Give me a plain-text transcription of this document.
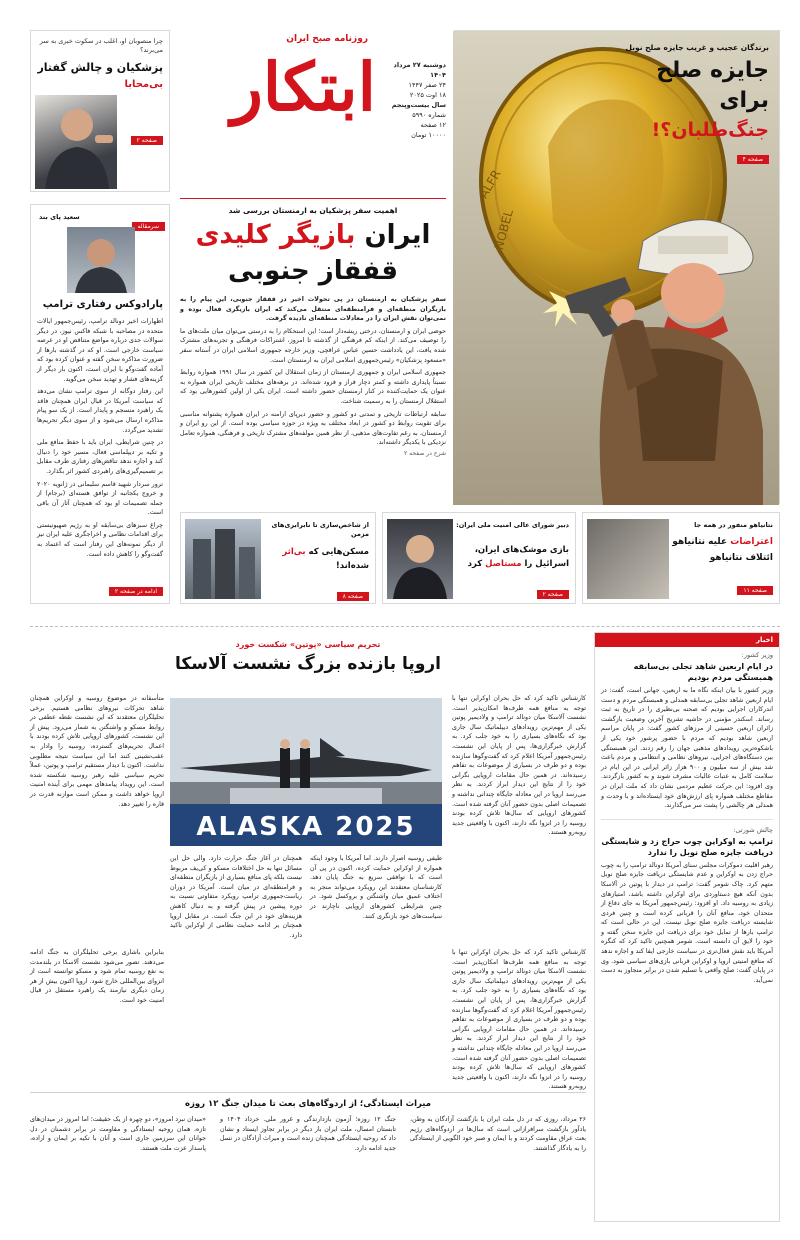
ALFR
NOBEL
برندگان عجیب و غریب جایزه صلح نوبل
جایزه صلح
برای
جنگ‌طلبان؟!
صفحه ۴
روزنامه صبح ایران
ابتکار	دوشنبه ۲۷ مرداد ۱۴۰۴
۲۴ صفر ۱۴۴۷
۱۸ اوت ۲۰۲۵
سال بیست‌وپنجم
شماره ۵۹۹۰
۱۲ صفحه
۱۰۰۰۰ تومان
چرا منصوبان او، اغلب در سکوت خبری به سر می‌برند؟
پزشکیان و چالش گفتار
بی‌محابا
صفحه ۲
اهمیت سفر پزشکیان به ارمنستان بررسی شد
ایران بازیگر کلیدی
قفقاز جنوبی

سفر پزشکیان به ارمنستان در پی تحولات اخیر در قفقاز جنوبی، این پیام را به بازیگران منطقه‌ای و فرامنطقه‌ای منتقل می‌کند که ایران بازیگری فعال بوده و نمی‌توان نقش ایران را در معادلات منطقه‌ای نادیده گرفت.

حوضی ایران و ارمنستان، درختی ریشه‌دار است؛ این استحکام را به درستی می‌توان میان ملت‌های ما را توصیف می‌کند. از اینکه کم فرهنگی از گذشته تا امروز، اشتراکات فرهنگی و تجربه‌های مشترک شده یافت، این یادداشت حسین عباس عراقچی، وزیر خارجه جمهوری اسلامی ایران در آستانه سفر «مسعود پزشکیان» رئیس‌جمهوری اسلامی ایران به ارمنستان است.

جمهوری اسلامی ایران و جمهوری ارمنستان از زمان استقلال این کشور در سال ۱۹۹۱ همواره روابط نسبتاً پایداری داشته و کمتر دچار فراز و فرود شده‌اند. در برهه‌های مختلف تاریخی ایران همواره به عنوان یک حمایت‌کننده در کنار ارمنستان حضور داشته است. ایران یکی از اولین کشورهایی بود که استقلال ارمنستان را به رسمیت شناخت.

سابقه ارتباطات تاریخی و تمدنی دو کشور و حضور دیرپای ارامنه در ایران همواره پشتوانه مناسبی برای تقویت روابط دو کشور در ابعاد مختلف به ویژه در حوزه سیاسی بوده است. از این رو ایران و ارمنستان، به رغم تفاوت‌های مذهبی، از نظر همین مولفه‌های مشترک تاریخی و فرهنگی، همواره تعامل نزدیکی با یکدیگر داشته‌اند.

شرح در صفحه ۲
سرمقاله
سعید پای بند
پارادوکس رفتاری ترامپ

اظهارات اخیر دونالد ترامپ، رئیس‌جمهور ایالات متحده در مصاحبه با شبکه فاکس نیوز، در دیگر سوالات جدی درباره مواضع متناقض او در عرصه سیاست خارجی است. او که در گذشته بارها از ضرورت مذاکره سخن گفته و عنوان کرده بود که آماده گفت‌وگو با ایران است، اکنون بار دیگر از گزینه‌های فشار و تهدید سخن می‌گوید.

این رفتار دوگانه از سوی ترامپ نشان می‌دهد که سیاست آمریکا در قبال ایران همچنان فاقد یک راهبرد منسجم و پایدار است. از یک سو پیام مذاکره ارسال می‌شود و از سوی دیگر تحریم‌ها تشدید می‌گردد.

در چنین شرایطی، ایران باید با حفظ منافع ملی و تکیه بر دیپلماسی فعال، مسیر خود را دنبال کند و اجازه ندهد تناقض‌های رفتاری طرف مقابل بر تصمیم‌گیری‌های راهبردی کشور اثر بگذارد.

ترور سردار شهید قاسم سلیمانی در ژانویه ۲۰۲۰ و خروج یکجانبه از توافق هسته‌ای (برجام) از جمله تصمیمات او بود که همچنان آثار آن باقی است.

چراغ سبزهای بی‌سابقه او به رژیم صهیونیستی برای اقدامات نظامی و اخراجگری علیه ایران نیز از دیگر نمونه‌های این رفتار است که اعتماد به گفت‌وگو را کاهش داده است.

ادامه در صفحه ۲
نتانیاهو منفور در همه جا
اعتراضات علیه نتانیاهو
ائتلاف نتانیاهو
صفحه ۱۱
دبیر شورای عالی امنیت ملی ایران:
بازی موشک‌های ایران،
اسرائیل را مستاصل کرد
صفحه ۲
از شاخص‌سازی تا نابرابری‌های مزمن
مسکن‌هایی که بی‌اثر
شده‌اند!
صفحه ۸
اخبار
وزیر کشور:
در ایام اربعین شاهد تجلی بی‌سابقه همبستگی مردم بودیم

وزیر کشور با بیان اینکه نگاه ما به اربعین، جهانی است، گفت: در ایام اربعین شاهد تجلی بی‌سابقه همدلی و همبستگی مردم و دست اندرکاران اجرایی بودیم که صحنه بی‌نظیری را در تاریخ به ثبت رساند. اسکندر مؤمنی در حاشیه تشریح آخرین وضعیت بازگشت زائران اربعین حسینی از مرزهای کشور گفت: در پایان مراسم اربعین شاهد بودیم که مردم با حضور پرشور خود یکی از باشکوه‌ترین رویدادهای مذهبی جهان را رقم زدند. این همبستگی بین دستگاه‌های اجرایی، نیروهای نظامی و انتظامی و مردم باعث شد بیش از سه میلیون و ۹۰۰ هزار زائر ایرانی در این ایام در سلامت کامل به عتبات عالیات مشرف شوند و به کشور بازگردند. وی افزود: این حرکت عظیم مردمی نشان داد که ملت ایران در مقاطع مختلف همواره پای ارزش‌های خود ایستاده‌اند و با وحدت و همدلی هر چالشی را پشت سر می‌گذارند.

چالش شورتی:
ترامپ به اوکراین چوب حراج زد و شایستگی دریافت جایزه صلح نوبل را ندارد

رهبر اقلیت دموکرات مجلس سنای آمریکا دونالد ترامپ را به چوب حراج زدن به اوکراین و عدم شایستگی دریافت جایزه صلح نوبل متهم کرد. چاک شومر گفت: ترامپ در دیدار با پوتین در آلاسکا بدون آنکه هیچ دستاوردی برای اوکراین داشته باشد، امتیازهای زیادی به روسیه داد. او افزود: رئیس‌جمهور آمریکا به جای دفاع از متحدان خود، منافع آنان را قربانی کرده است و چنین فردی شایسته دریافت جایزه صلح نوبل نیست. این در حالی است که ترامپ بارها از تمایل خود برای دریافت این جایزه سخن گفته و خود را لایق آن دانسته است. شومر همچنین تاکید کرد که کنگره آمریکا باید نقش فعال‌تری در سیاست خارجی ایفا کند و اجازه ندهد که منافع امنیتی اروپا و اوکراین قربانی بازی‌های سیاسی شود. وی در پایان گفت: صلح واقعی با تسلیم شدن در برابر متجاوز به دست نمی‌آید.

تحریم سیاسی «پوتین» شکست خورد
اروپا بازنده بزرگ نشست آلاسکا

کارشناس تاکید کرد که حل بحران اوکراین تنها با توجه به منافع همه طرف‌ها امکان‌پذیر است. نشست آلاسکا میان دونالد ترامپ و ولادیمیر پوتین یکی از مهم‌ترین رویدادهای دیپلماتیک سال جاری بود که نگاه‌های بسیاری را به خود جلب کرد. به گزارش خبرگزاری‌ها، پس از پایان این نشست، رئیس‌جمهور آمریکا اعلام کرد که گفت‌وگوها سازنده بوده و دو طرف در بسیاری از موضوعات به تفاهم رسیده‌اند. در همین حال مقامات اروپایی نگرانی خود را از نتایج این دیدار ابراز کردند. به نظر می‌رسد اروپا در این معادله جایگاه چندانی نداشته و تصمیمات اصلی بدون حضور آنان گرفته شده است. کشورهای اروپایی که سال‌ها تلاش کرده بودند روسیه را در انزوا نگه دارند، اکنون با واقعیتی جدید روبه‌رو هستند.

متأسفانه در موضوع روسیه و اوکراین همچنان شاهد تحرکات نیروهای نظامی هستیم. برخی تحلیلگران معتقدند که این نشست نقطه عطفی در روابط مسکو و واشنگتن به شمار می‌رود. پیش از این نشست، کشورهای اروپایی تلاش کرده بودند با اعمال تحریم‌های گسترده، روسیه را وادار به عقب‌نشینی کنند اما این سیاست نتیجه مطلوبی نداشت. اکنون با دیدار مستقیم ترامپ و پوتین، عملاً تحریم سیاسی علیه رهبر روسیه شکسته شده است. این رویداد پیامدهای مهمی برای آینده امنیت اروپا خواهد داشت و ممکن است موازنه قدرت در قاره را تغییر دهد.

ALASKA 2025

همچنان در آغاز جنگ حرارت دارد. والی حل این مسائل تنها به حل اختلافات مسکو و کی‌یف مربوط نیست بلکه پای منافع بسیاری از بازیگران منطقه‌ای و فرامنطقه‌ای در میان است. آمریکا در دوران ریاست‌جمهوری ترامپ رویکرد متفاوتی نسبت به دوره پیشین در پیش گرفته و به دنبال کاهش هزینه‌های خود در این جنگ است. در مقابل اروپا همچنان بر ادامه حمایت نظامی از اوکراین تاکید دارد.

طیفی روسیه اصرار دارند. اما آمریکا با وجود اینکه همواره از اوکراین حمایت کرده، اکنون در پی آن است که با توافقی سریع به جنگ پایان دهد. کارشناسان معتقدند این رویکرد می‌تواند منجر به اختلاف عمیق میان واشنگتن و بروکسل شود. در چنین شرایطی کشورهای اروپایی ناچارند در سیاست‌های خود بازنگری کنند.

بنابراین باشاری برخی تحلیلگران به جنگ ادامه می‌دهند. تصور می‌شود نشست آلاسکا در بلندمدت به نفع روسیه تمام شود و مسکو توانسته است از انزوای بین‌المللی خارج شود. اروپا اکنون بیش از هر زمان دیگری نیازمند یک راهبرد مستقل در قبال امنیت خود است.

کارشناس تاکید کرد که حل بحران اوکراین تنها با توجه به منافع همه طرف‌ها امکان‌پذیر است. نشست آلاسکا میان دونالد ترامپ و ولادیمیر پوتین یکی از مهم‌ترین رویدادهای دیپلماتیک سال جاری بود که نگاه‌های بسیاری را به خود جلب کرد. به گزارش خبرگزاری‌ها، پس از پایان این نشست، رئیس‌جمهور آمریکا اعلام کرد که گفت‌وگوها سازنده بوده و دو طرف در بسیاری از موضوعات به تفاهم رسیده‌اند. در همین حال مقامات اروپایی نگرانی خود را از نتایج این دیدار ابراز کردند. به نظر می‌رسد اروپا در این معادله جایگاه چندانی نداشته و تصمیمات اصلی بدون حضور آنان گرفته شده است. کشورهای اروپایی که سال‌ها تلاش کرده بودند روسیه را در انزوا نگه دارند، اکنون با واقعیتی جدید روبه‌رو هستند.

میراث ایستادگی؛ از اردوگاه‌های بعث تا میدان جنگ ۱۲ روزه

۲۶ مرداد، روزی که در دل ملت ایران با بازگشت آزادگان به وطن، یادآور بازگشت سرافرازانی است که سال‌ها در اردوگاه‌های رژیم بعث عراق مقاومت کردند و با ایمان و صبر خود الگویی از ایستادگی را به یادگار گذاشتند.

جنگ ۱۲ روزه؛ آزمون بازدارندگی و غرور ملی. خرداد ۱۴۰۴ و تابستان امسال، ملت ایران بار دیگر در برابر تجاوز ایستاد و نشان داد که روحیه ایستادگی همچنان زنده است و میراث آزادگان در نسل جدید ادامه دارد.

«میدان نبرد امروز»، دو چهره از یک حقیقت؛ اما امروز در میدان‌های تازه، همان روحیه ایستادگی و مقاومت در برابر دشمنان در دل جوانان این سرزمین جاری است و آنان با تکیه بر ایمان و اراده، پاسدار عزت ملت هستند.
